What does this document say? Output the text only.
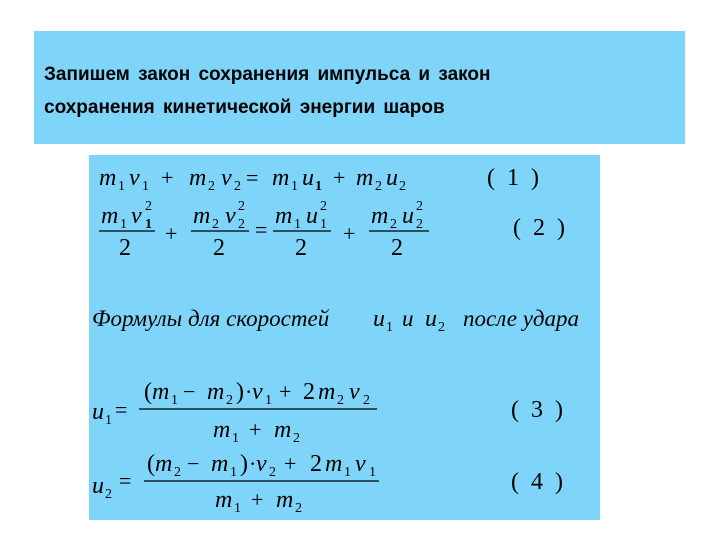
Запишем закон сохранения импульса и закон
сохранения кинетической энергии шаров
m 1 v 1 + m 2 v 2 = m 1 u 1 + m 2 u 2	( 1 )
m 1 v 2
1
2
+
m 2 v 2
2
2
=
m 1 u 2
1
2
+
m 2 u 2
2
2
( 2 )
Формулы для скоростей u 1 и u 2 после удара
u 1 =
( m 1 − m 2 ) · v 1 + 2 m 2 v 2
m 1 + m 2
( 3 )
u 2
=
( m 2 − m 1 ) · v 2 + 2 m 1 v 1
m 1 + m 2
( 4 )
